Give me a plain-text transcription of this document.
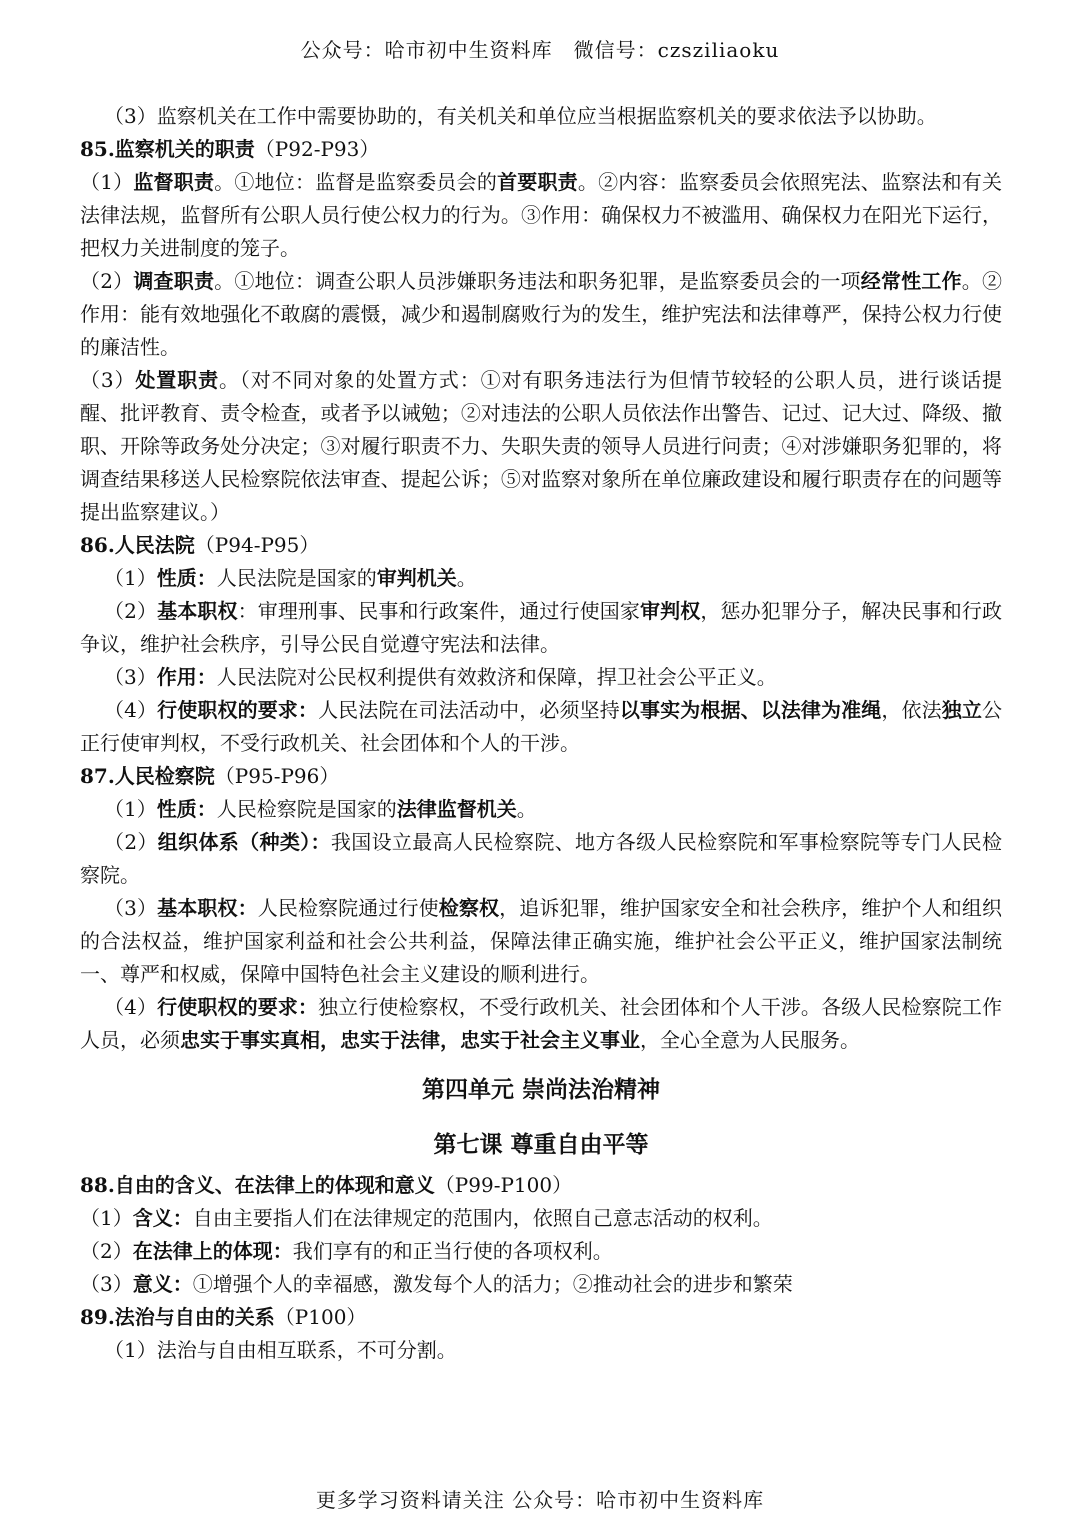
公众号：哈市初中生资料库　微信号：czsziliaoku

（3）监察机关在工作中需要协助的，有关机关和单位应当根据监察机关的要求依法予以协助。

85.监察机关的职责（P92-P93）

（1）监督职责。①地位：监督是监察委员会的首要职责。②内容：监察委员会依照宪法、监察法和有关法律法规，监督所有公职人员行使公权力的行为。③作用：确保权力不被滥用、确保权力在阳光下运行，把权力关进制度的笼子。

（2）调查职责。①地位：调查公职人员涉嫌职务违法和职务犯罪，是监察委员会的一项经常性工作。②作用：能有效地强化不敢腐的震慑，减少和遏制腐败行为的发生，维护宪法和法律尊严，保持公权力行使的廉洁性。

（3）处置职责。（对不同对象的处置方式：①对有职务违法行为但情节较轻的公职人员，进行谈话提醒、批评教育、责令检查，或者予以诫勉；②对违法的公职人员依法作出警告、记过、记大过、降级、撤职、开除等政务处分决定；③对履行职责不力、失职失责的领导人员进行问责；④对涉嫌职务犯罪的，将调查结果移送人民检察院依法审查、提起公诉；⑤对监察对象所在单位廉政建设和履行职责存在的问题等提出监察建议。）

86.人民法院（P94-P95）

（1）性质：人民法院是国家的审判机关。

（2）基本职权：审理刑事、民事和行政案件，通过行使国家审判权，惩办犯罪分子，解决民事和行政争议，维护社会秩序，引导公民自觉遵守宪法和法律。

（3）作用：人民法院对公民权利提供有效救济和保障，捍卫社会公平正义。

（4）行使职权的要求：人民法院在司法活动中，必须坚持以事实为根据、以法律为准绳，依法独立公正行使审判权，不受行政机关、社会团体和个人的干涉。

87.人民检察院（P95-P96）

（1）性质：人民检察院是国家的法律监督机关。

（2）组织体系（种类）：我国设立最高人民检察院、地方各级人民检察院和军事检察院等专门人民检察院。

（3）基本职权：人民检察院通过行使检察权，追诉犯罪，维护国家安全和社会秩序，维护个人和组织的合法权益，维护国家利益和社会公共利益，保障法律正确实施，维护社会公平正义，维护国家法制统一、尊严和权威，保障中国特色社会主义建设的顺利进行。

（4）行使职权的要求：独立行使检察权，不受行政机关、社会团体和个人干涉。各级人民检察院工作人员，必须忠实于事实真相，忠实于法律，忠实于社会主义事业，全心全意为人民服务。

第四单元 崇尚法治精神

第七课 尊重自由平等

88.自由的含义、在法律上的体现和意义（P99-P100）

（1）含义：自由主要指人们在法律规定的范围内，依照自己意志活动的权利。

（2）在法律上的体现：我们享有的和正当行使的各项权利。

（3）意义：①增强个人的幸福感，激发每个人的活力；②推动社会的进步和繁荣

89.法治与自由的关系（P100）

（1）法治与自由相互联系，不可分割。

更多学习资料请关注 公众号：哈市初中生资料库
